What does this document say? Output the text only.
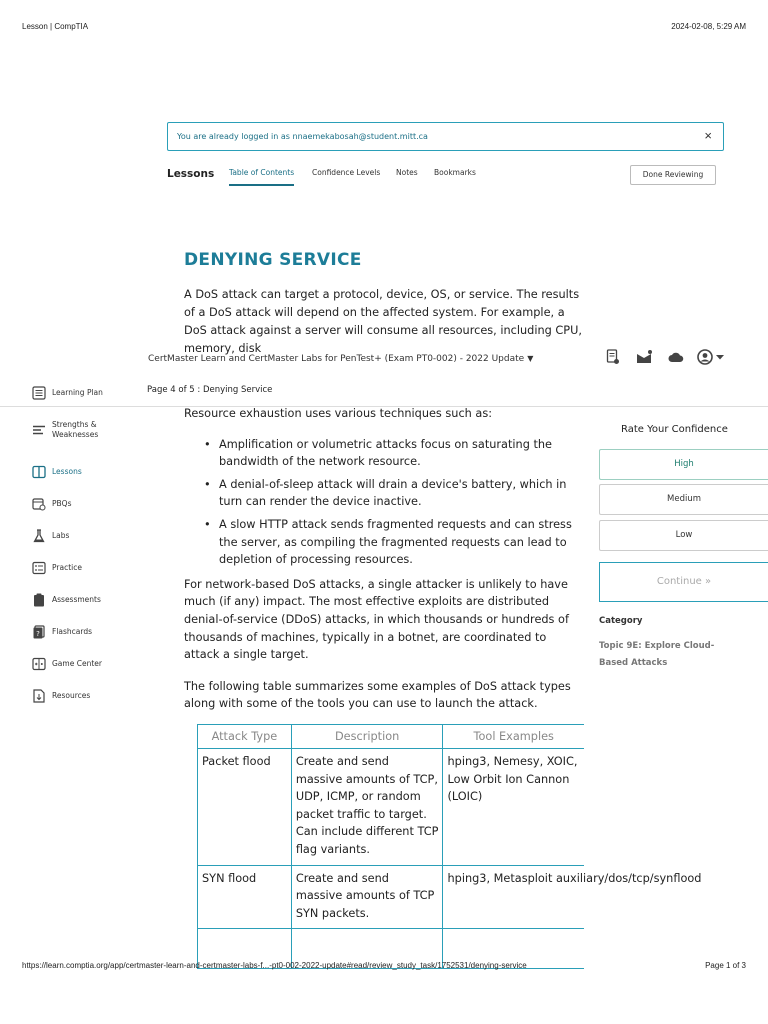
Lesson | CompTIA	2024-02-08, 5:29 AM
You are already logged in as nnaemekabosah@student.mitt.ca	×
Lessons Table of Contents Confidence Levels Notes Bookmarks	Done Reviewing
DENYING SERVICE

A DoS attack can target a protocol, device, OS, or service. The results of a DoS attack will depend on the affected system. For example, a DoS attack against a server will consume all resources, including CPU, memory, disk

CertMaster Learn and CertMaster Labs for PenTest+ (Exam PT0-002) - 2022 Update ▼
Page 4 of 5 : Denying Service
Learning Plan
Strengths & Weaknesses
Lessons
PBQs
Labs
Practice
Assessments
? Flashcards
Game Center
Resources

Resource exhaustion uses various techniques such as:

• Amplification or volumetric attacks focus on saturating the bandwidth of the network resource.
• A denial-of-sleep attack will drain a device's battery, which in turn can render the device inactive.
• A slow HTTP attack sends fragmented requests and can stress the server, as compiling the fragmented requests can lead to depletion of processing resources.

For network-based DoS attacks, a single attacker is unlikely to have much (if any) impact. The most effective exploits are distributed denial-of-service (DDoS) attacks, in which thousands or hundreds of thousands of machines, typically in a botnet, are coordinated to attack a single target.

The following table summarizes some examples of DoS attack types along with some of the tools you can use to launch the attack.

Attack Type	Description	Tool Examples
Packet flood	Create and send massive amounts of TCP, UDP, ICMP, or random packet traffic to target. Can include different TCP flag variants.	hping3, Nemesy, XOIC, Low Orbit Ion Cannon (LOIC)
SYN flood	Create and send massive amounts of TCP SYN packets.	hping3, Metasploit auxiliary/dos/tcp/synflood

Rate Your Confidence
High
Medium
Low
Continue »
Category
Topic 9E: Explore Cloud-Based Attacks
https://learn.comptia.org/app/certmaster-learn-and-certmaster-labs-f...-pt0-002-2022-update#read/review_study_task/1752531/denying-service	Page 1 of 3
